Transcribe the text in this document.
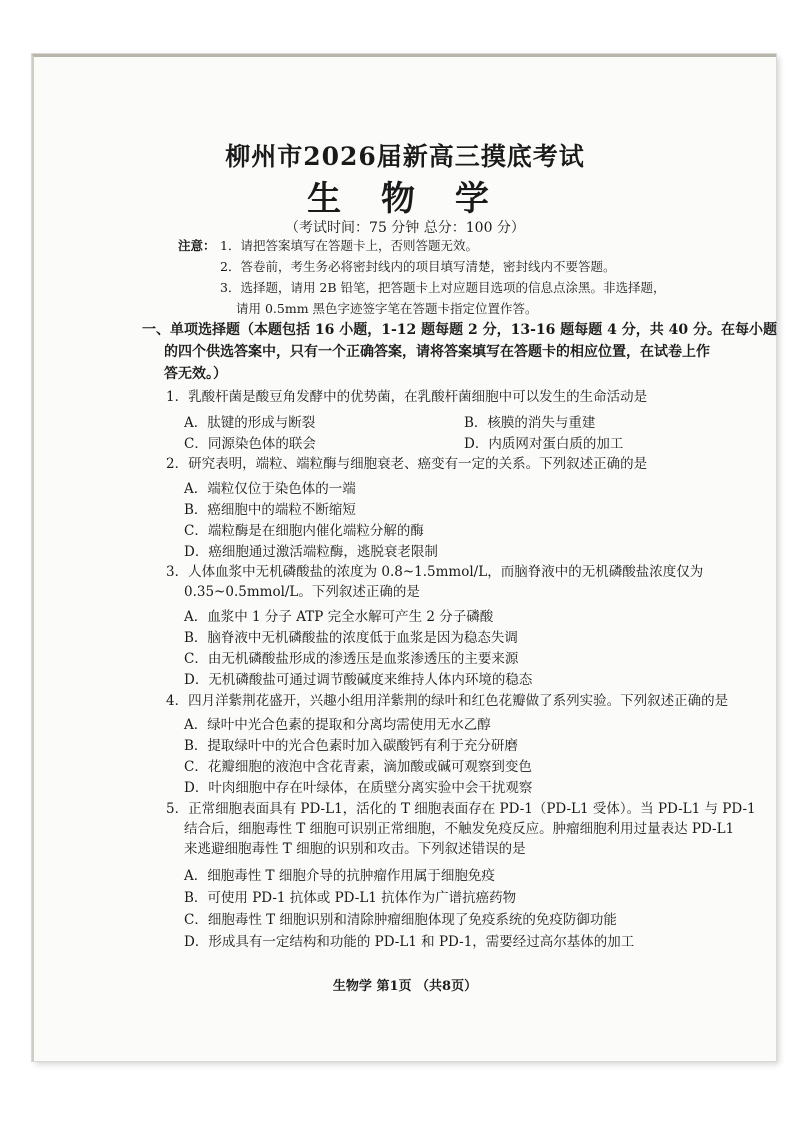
柳州市2026届新高三摸底考试
生 物 学
（考试时间：75 分钟 总分：100 分）
注意： 1．请把答案填写在答题卡上，否则答题无效。
2．答卷前，考生务必将密封线内的项目填写清楚，密封线内不要答题。
3．选择题，请用 2B 铅笔，把答题卡上对应题目选项的信息点涂黑。非选择题，
请用 0.5mm 黑色字迹签字笔在答题卡指定位置作答。
一、单项选择题（本题包括 16 小题，1-12 题每题 2 分，13-16 题每题 4 分，共 40 分。在每小题
的四个供选答案中，只有一个正确答案，请将答案填写在答题卡的相应位置，在试卷上作
答无效。）
1．乳酸杆菌是酸豆角发酵中的优势菌，在乳酸杆菌细胞中可以发生的生命活动是
A．肽键的形成与断裂	B．核膜的消失与重建
C．同源染色体的联会	D．内质网对蛋白质的加工
2．研究表明，端粒、端粒酶与细胞衰老、癌变有一定的关系。下列叙述正确的是
A．端粒仅位于染色体的一端
B．癌细胞中的端粒不断缩短
C．端粒酶是在细胞内催化端粒分解的酶
D．癌细胞通过激活端粒酶，逃脱衰老限制
3．人体血浆中无机磷酸盐的浓度为 0.8~1.5mmol/L，而脑脊液中的无机磷酸盐浓度仅为
0.35~0.5mmol/L。下列叙述正确的是
A．血浆中 1 分子 ATP 完全水解可产生 2 分子磷酸
B．脑脊液中无机磷酸盐的浓度低于血浆是因为稳态失调
C．由无机磷酸盐形成的渗透压是血浆渗透压的主要来源
D．无机磷酸盐可通过调节酸碱度来维持人体内环境的稳态
4．四月洋紫荆花盛开，兴趣小组用洋紫荆的绿叶和红色花瓣做了系列实验。下列叙述正确的是
A．绿叶中光合色素的提取和分离均需使用无水乙醇
B．提取绿叶中的光合色素时加入碳酸钙有利于充分研磨
C．花瓣细胞的液泡中含花青素，滴加酸或碱可观察到变色
D．叶肉细胞中存在叶绿体，在质壁分离实验中会干扰观察
5．正常细胞表面具有 PD-L1，活化的 T 细胞表面存在 PD-1（PD-L1 受体）。当 PD-L1 与 PD-1
结合后，细胞毒性 T 细胞可识别正常细胞，不触发免疫反应。肿瘤细胞利用过量表达 PD-L1
来逃避细胞毒性 T 细胞的识别和攻击。下列叙述错误的是
A．细胞毒性 T 细胞介导的抗肿瘤作用属于细胞免疫
B．可使用 PD-1 抗体或 PD-L1 抗体作为广谱抗癌药物
C．细胞毒性 T 细胞识别和清除肿瘤细胞体现了免疫系统的免疫防御功能
D．形成具有一定结构和功能的 PD-L1 和 PD-1，需要经过高尔基体的加工
生物学 第1页 （共8页）
